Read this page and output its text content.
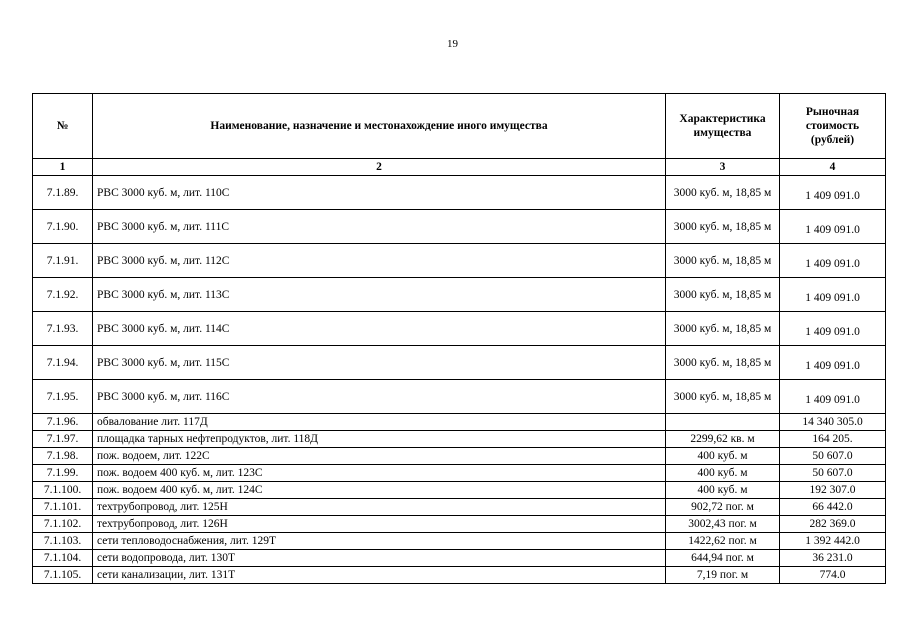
19
№	Наименование, назначение и местонахождение иного имущества	Характеристика имущества	Рыночная стоимость (рублей)
1	2	3	4
7.1.89.	РВС 3000 куб. м, лит. 110С	3000 куб. м, 18,85 м	1 409 091.0
7.1.90.	РВС 3000 куб. м, лит. 111С	3000 куб. м, 18,85 м	1 409 091.0
7.1.91.	РВС 3000 куб. м, лит. 112С	3000 куб. м, 18,85 м	1 409 091.0
7.1.92.	РВС 3000 куб. м, лит. 113С	3000 куб. м, 18,85 м	1 409 091.0
7.1.93.	РВС 3000 куб. м, лит. 114С	3000 куб. м, 18,85 м	1 409 091.0
7.1.94.	РВС 3000 куб. м, лит. 115С	3000 куб. м, 18,85 м	1 409 091.0
7.1.95.	РВС 3000 куб. м, лит. 116С	3000 куб. м, 18,85 м	1 409 091.0
7.1.96.	обвалование лит. 117Д		14 340 305.0
7.1.97.	площадка тарных нефтепродуктов, лит. 118Д	2299,62 кв. м	164 205.
7.1.98.	пож. водоем, лит. 122С	400 куб. м	50 607.0
7.1.99.	пож. водоем 400 куб. м, лит. 123С	400 куб. м	50 607.0
7.1.100.	пож. водоем 400 куб. м, лит. 124С	400 куб. м	192 307.0
7.1.101.	техтрубопровод, лит. 125Н	902,72 пог. м	66 442.0
7.1.102.	техтрубопровод, лит. 126Н	3002,43 пог. м	282 369.0
7.1.103.	сети тепловодоснабжения, лит. 129Т	1422,62 пог. м	1 392 442.0
7.1.104.	сети водопровода, лит. 130Т	644,94 пог. м	36 231.0
7.1.105.	сети канализации, лит. 131Т	7,19 пог. м	774.0
